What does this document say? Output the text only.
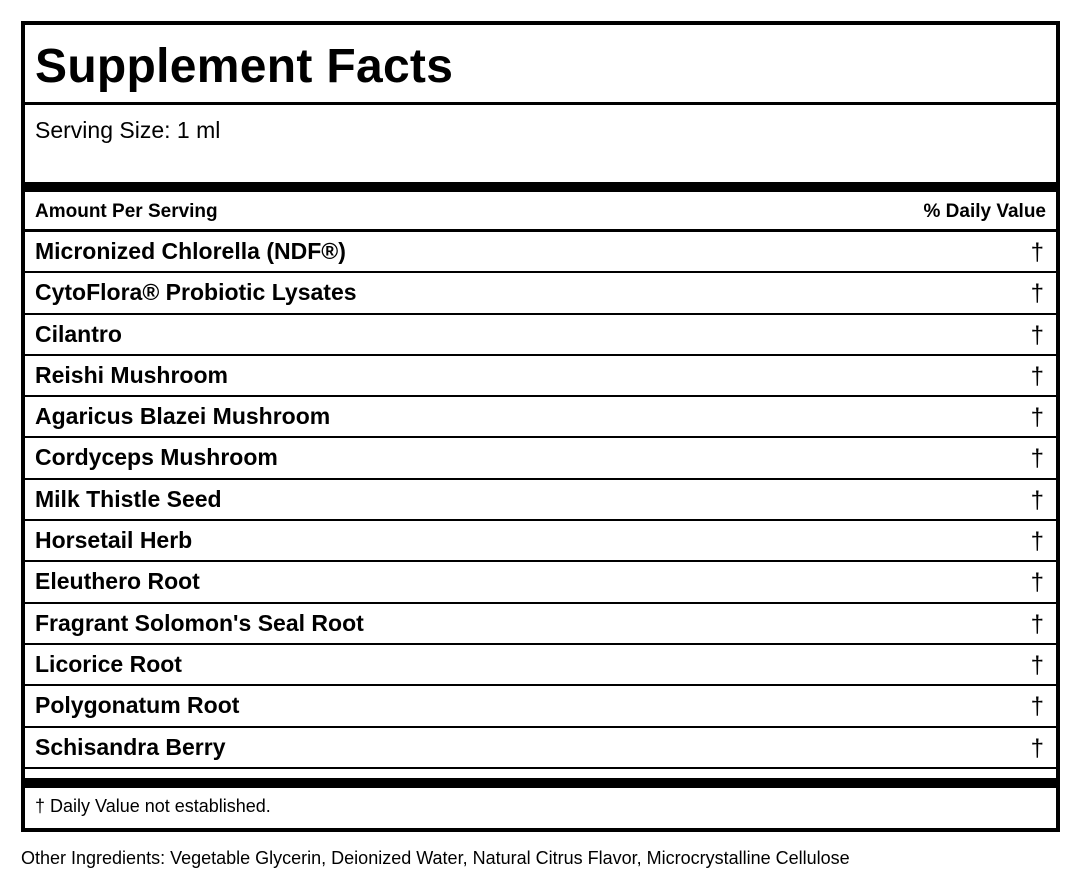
Supplement Facts
Serving Size: 1 ml
Amount Per Serving	% Daily Value
Micronized Chlorella (NDF®)	†
CytoFlora® Probiotic Lysates	†
Cilantro	†
Reishi Mushroom	†
Agaricus Blazei Mushroom	†
Cordyceps Mushroom	†
Milk Thistle Seed	†
Horsetail Herb	†
Eleuthero Root	†
Fragrant Solomon's Seal Root	†
Licorice Root	†
Polygonatum Root	†
Schisandra Berry	†
† Daily Value not established.
Other Ingredients: Vegetable Glycerin, Deionized Water, Natural Citrus Flavor, Microcrystalline Cellulose
